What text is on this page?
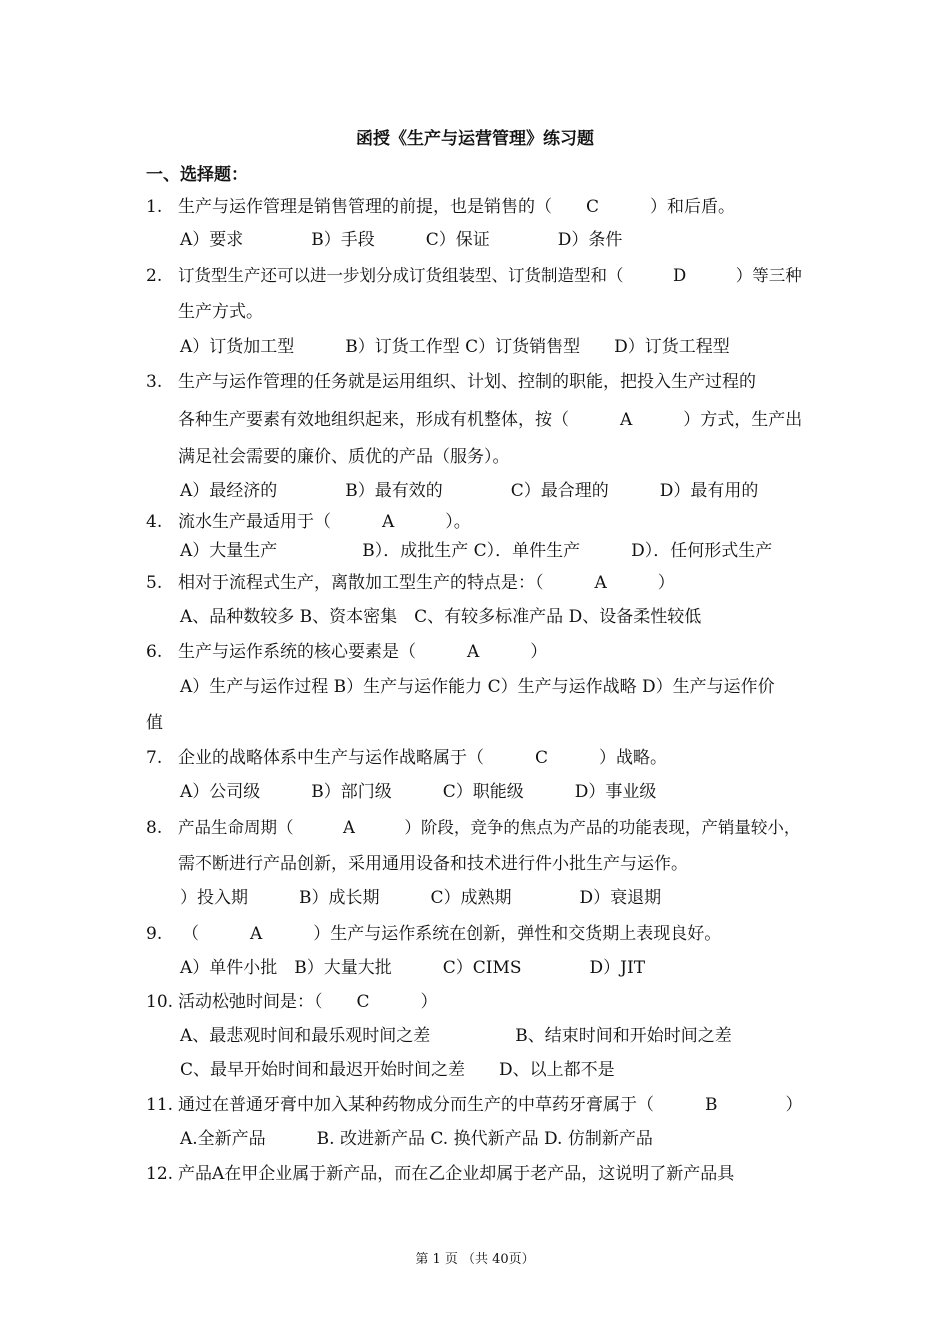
函授《生产与运营管理》练习题
一、选择题：
1. 生产与运作管理是销售管理的前提，也是销售的（　　C　　　）和后盾。
A）要求　　　　B）手段　　　C）保证　　　　D）条件
2. 订货型生产还可以进一步划分成订货组装型、订货制造型和（　　　D　　　）等三种
生产方式。
A）订货加工型　　　B）订货工作型 C）订货销售型　　D）订货工程型
3. 生产与运作管理的任务就是运用组织、计划、控制的职能，把投入生产过程的
各种生产要素有效地组织起来，形成有机整体，按（　　　A　　　）方式，生产出
满足社会需要的廉价、质优的产品（服务）。
A）最经济的　　　　B）最有效的　　　　C）最合理的　　　D）最有用的
4. 流水生产最适用于（　　　A　　　）。
A）大量生产　　　　　B）．成批生产 C）．单件生产　　　D）．任何形式生产
5. 相对于流程式生产，离散加工型生产的特点是：（　　　A　　　）
A、品种数较多 B、资本密集　C、有较多标准产品 D、设备柔性较低
6. 生产与运作系统的核心要素是（　　　A　　　）
A）生产与运作过程 B）生产与运作能力 C）生产与运作战略 D）生产与运作价
值
7. 企业的战略体系中生产与运作战略属于（　　　C　　　）战略。
A）公司级　　　B）部门级　　　C）职能级　　　D）事业级
8. 产品生命周期（　　　A　　　）阶段，竞争的焦点为产品的功能表现，产销量较小，
需不断进行产品创新，采用通用设备和技术进行件小批生产与运作。
）投入期　　　B）成长期　　　C）成熟期　　　　D）衰退期
9. （　　　A　　　）生产与运作系统在创新，弹性和交货期上表现良好。
A）单件小批　B）大量大批　　　C）CIMS　　　　D）JIT
10. 活动松弛时间是：（　　C　　　）
A、最悲观时间和最乐观时间之差　　　　　B、结束时间和开始时间之差
C、最早开始时间和最迟开始时间之差　　D、以上都不是
11. 通过在普通牙膏中加入某种药物成分而生产的中草药牙膏属于（　　　B　　　　）
A.全新产品　　　B. 改进新产品 C. 换代新产品 D. 仿制新产品
12. 产品A在甲企业属于新产品，而在乙企业却属于老产品，这说明了新产品具
第 1 页 （共 40页）
